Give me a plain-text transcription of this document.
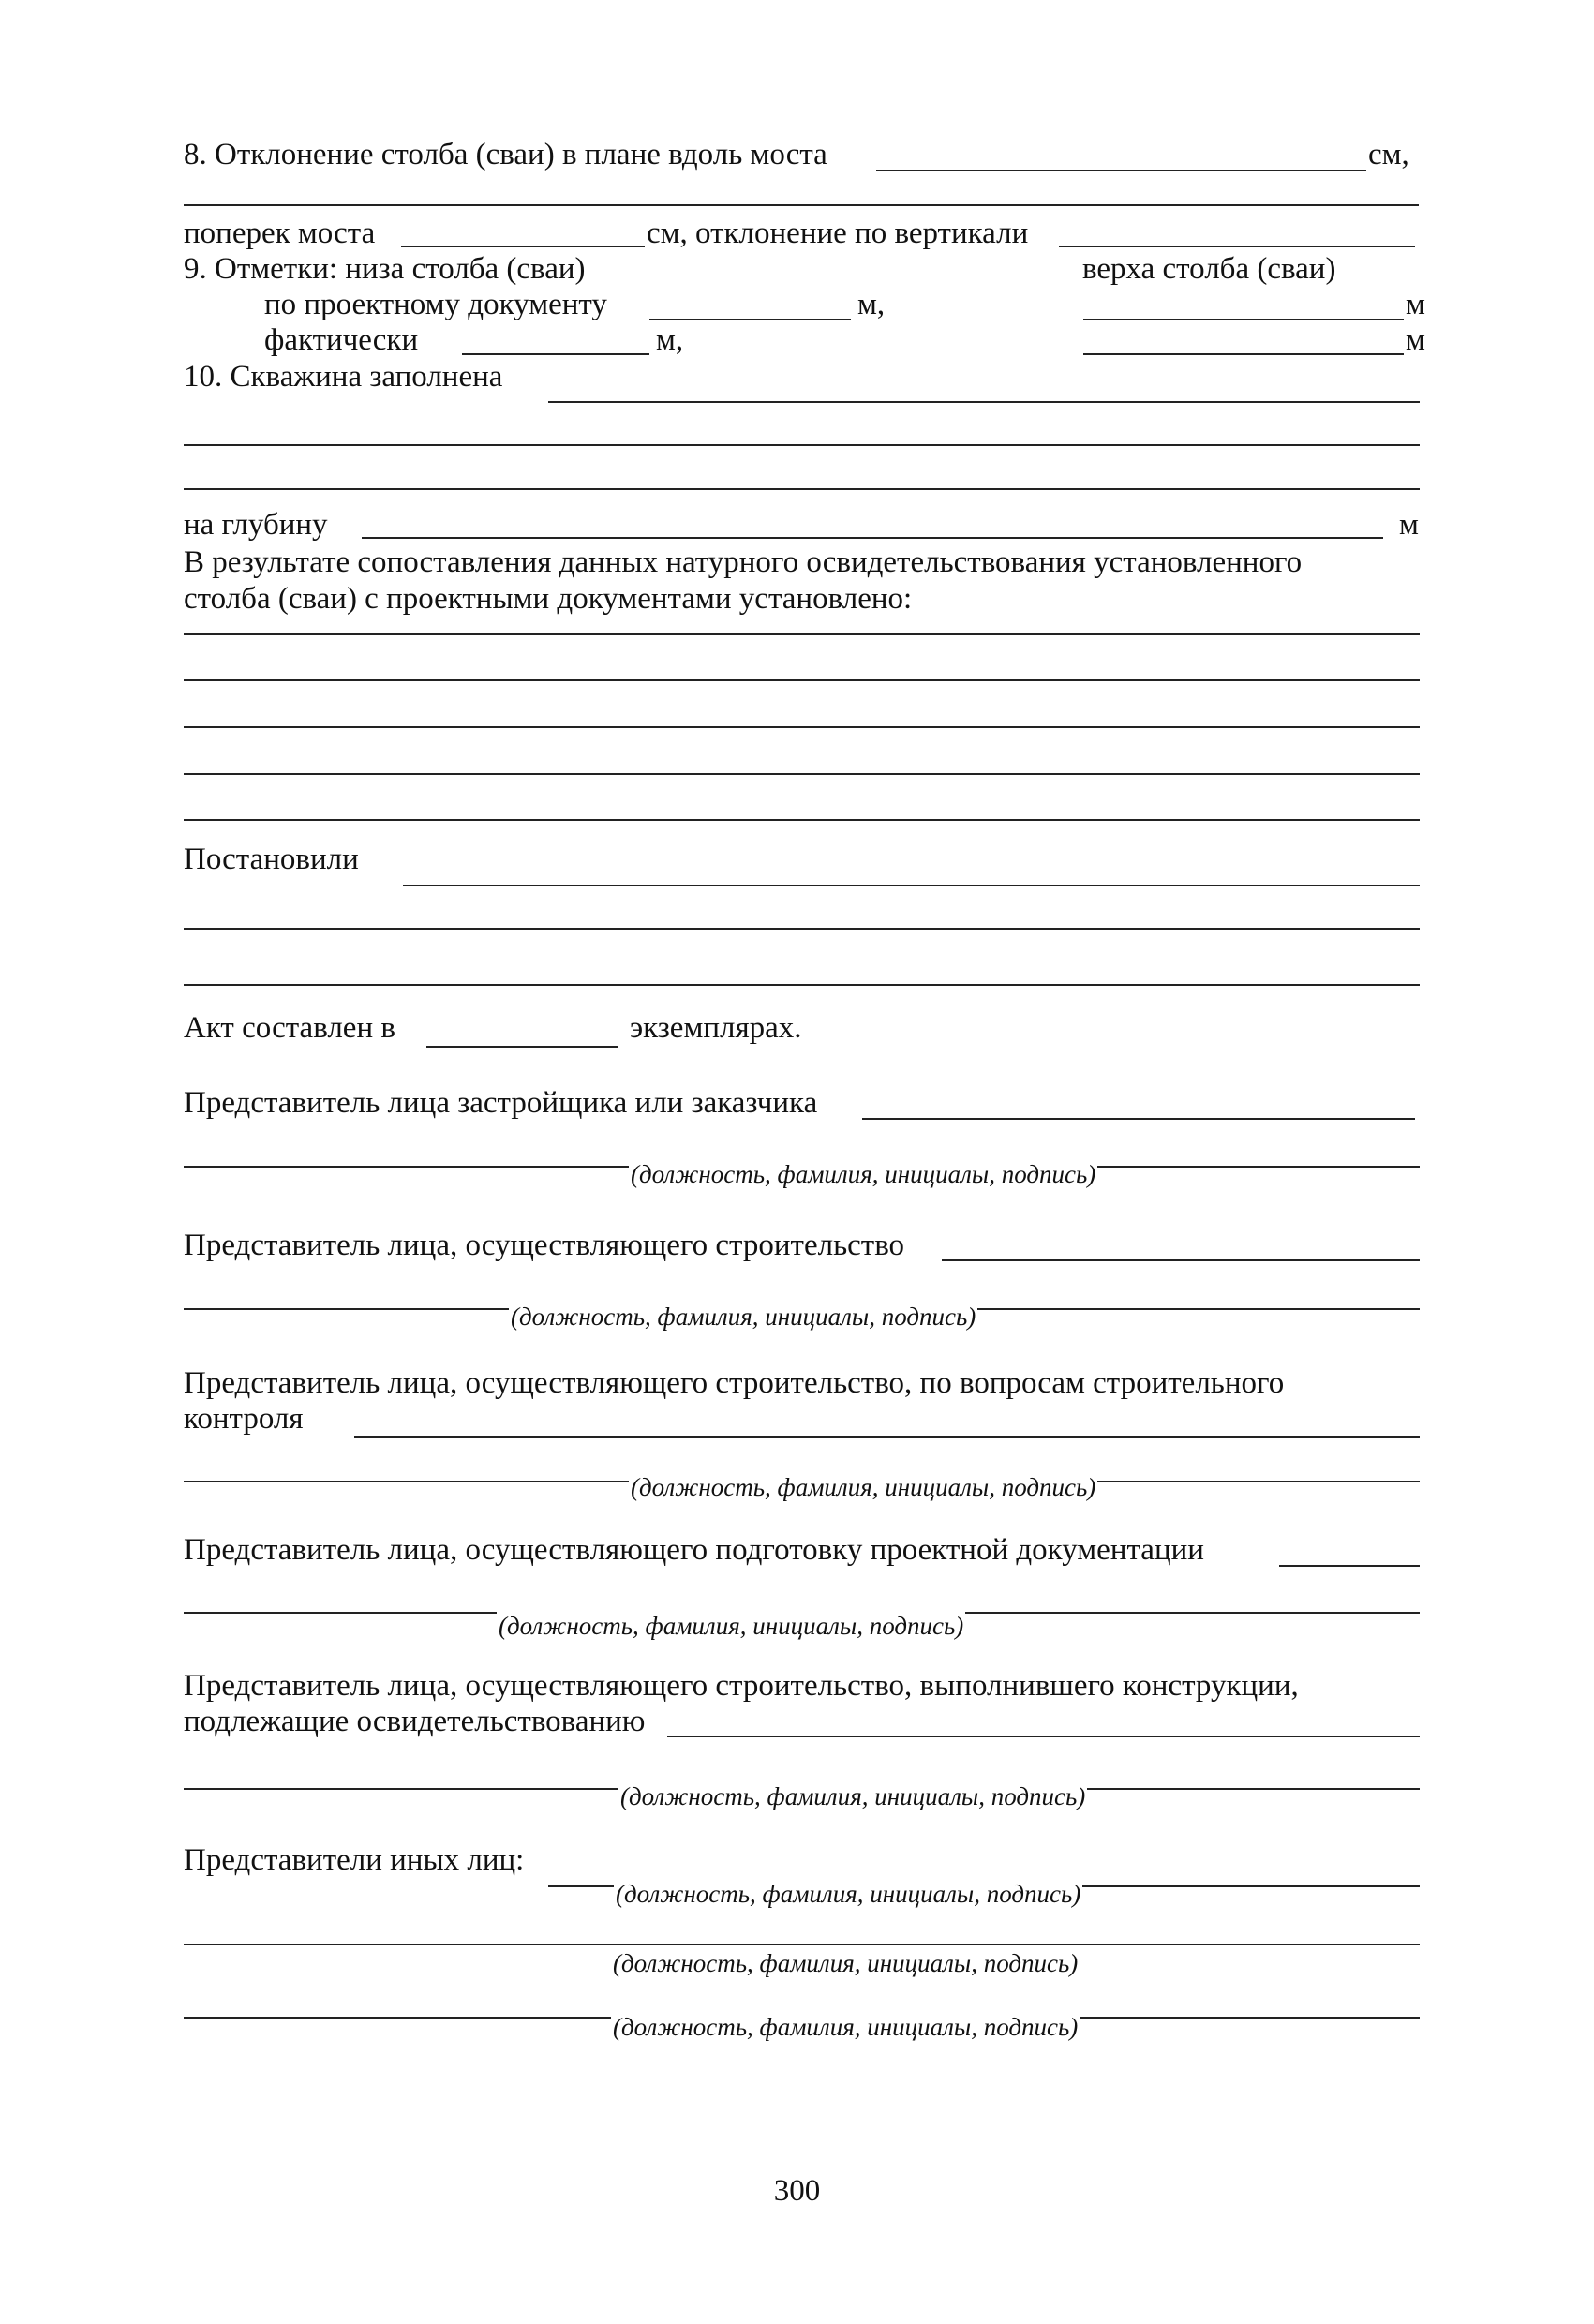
8. Отклонение столба (сваи) в плане вдоль моста	см,
поперек моста	см, отклонение по вертикали
9. Отметки: низа столба (сваи)	верха столба (сваи)
по проектному документу	м,	м
фактически	м,	м
10. Скважина заполнена
на глубину	м
В результате сопоставления данных натурного освидетельствования установленного
столба (сваи) с проектными документами установлено:
Постановили
Акт составлен в	экземплярах.
Представитель лица застройщика или заказчика
(должность, фамилия, инициалы, подпись)
Представитель лица, осуществляющего строительство
(должность, фамилия, инициалы, подпись)
Представитель лица, осуществляющего строительство, по вопросам строительного
контроля
(должность, фамилия, инициалы, подпись)
Представитель лица, осуществляющего подготовку проектной документации
(должность, фамилия, инициалы, подпись)
Представитель лица, осуществляющего строительство, выполнившего конструкции,
подлежащие освидетельствованию
(должность, фамилия, инициалы, подпись)
Представители иных лиц:
(должность, фамилия, инициалы, подпись)
(должность, фамилия, инициалы, подпись)
(должность, фамилия, инициалы, подпись)
300
